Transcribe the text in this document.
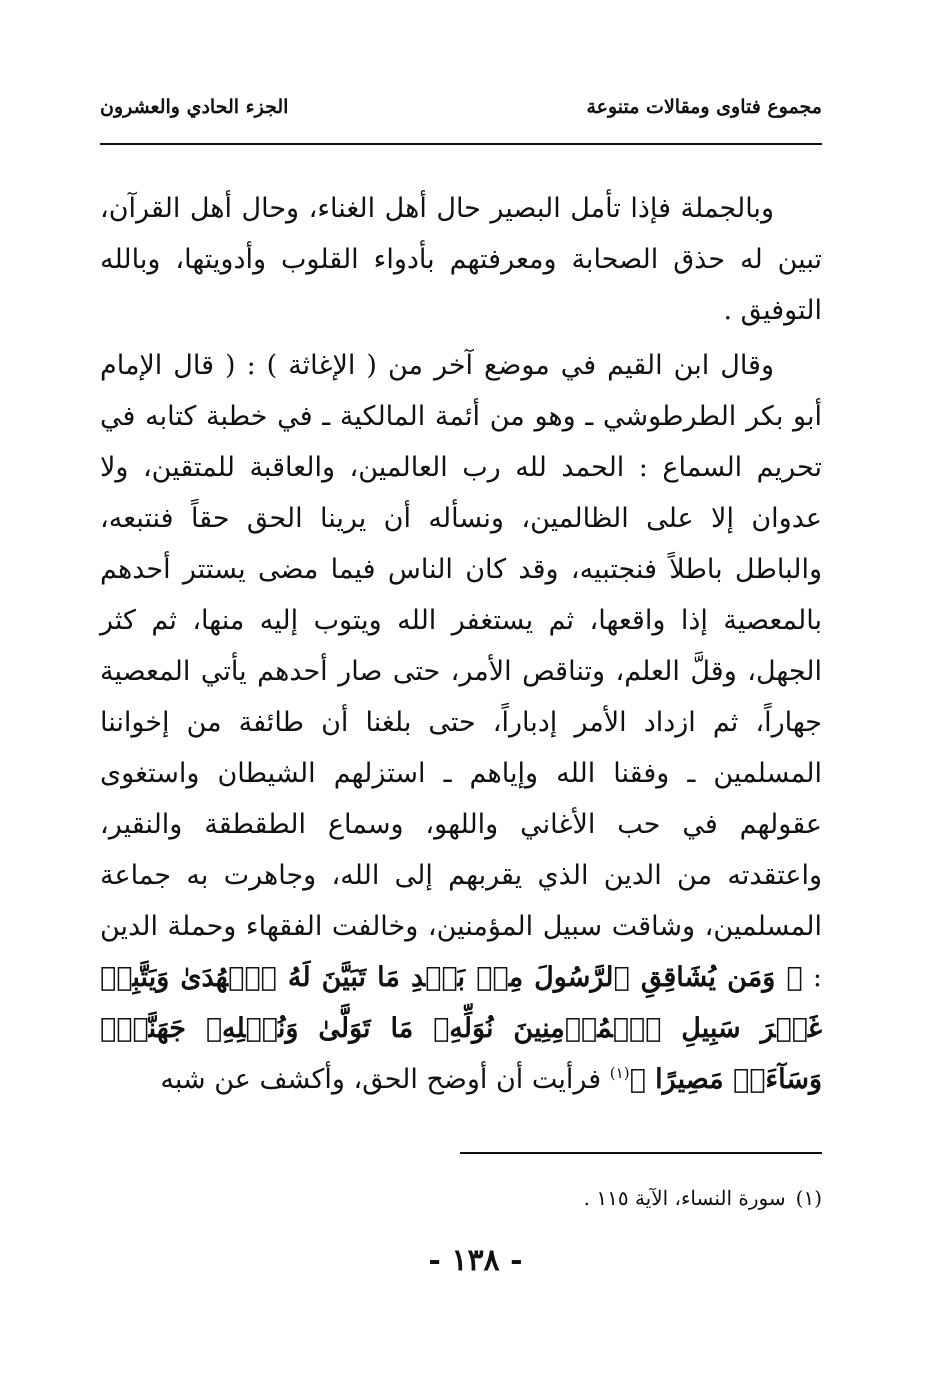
مجموع فتاوى ومقالات متنوعة
الجزء الحادي والعشرون

وبالجملة فإذا تأمل البصير حال أهل الغناء، وحال أهل القرآن، تبين له حذق الصحابة ومعرفتهم بأدواء القلوب وأدويتها، وبالله التوفيق .

وقال ابن القيم في موضع آخر من ( الإغاثة ) : ( قال الإمام أبو بكر الطرطوشي ـ وهو من أئمة المالكية ـ في خطبة كتابه في تحريم السماع : الحمد لله رب العالمين، والعاقبة للمتقين، ولا عدوان إلا على الظالمين، ونسأله أن يرينا الحق حقاً فنتبعه، والباطل باطلاً فنجتبيه، وقد كان الناس فيما مضى يستتر أحدهم بالمعصية إذا واقعها، ثم يستغفر الله ويتوب إليه منها، ثم كثر الجهل، وقلَّ العلم، وتناقص الأمر، حتى صار أحدهم يأتي المعصية جهاراً، ثم ازداد الأمر إدباراً، حتى بلغنا أن طائفة من إخواننا المسلمين ـ وفقنا الله وإياهم ـ استزلهم الشيطان واستغوى عقولهم في حب الأغاني واللهو، وسماع الطقطقة والنقير، واعتقدته من الدين الذي يقربهم إلى الله، وجاهرت به جماعة المسلمين، وشاقت سبيل المؤمنين، وخالفت الفقهاء وحملة الدين : ﴿ وَمَن يُشَاقِقِ ٱلرَّسُولَ مِنۢ بَعۡدِ مَا تَبَيَّنَ لَهُ ٱلۡهُدَىٰ وَيَتَّبِعۡ غَيۡرَ سَبِيلِ ٱلۡمُؤۡمِنِينَ نُوَلِّهِۦ مَا تَوَلَّىٰ وَنُصۡلِهِۦ جَهَنَّمَۖ وَسَآءَتۡ مَصِيرًا ﴾$^{(١)}$ فرأيت أن أوضح الحق، وأكشف عن شبه

(١)سورة النساء، الآية ١١٥ .
- ١٣٨ -
